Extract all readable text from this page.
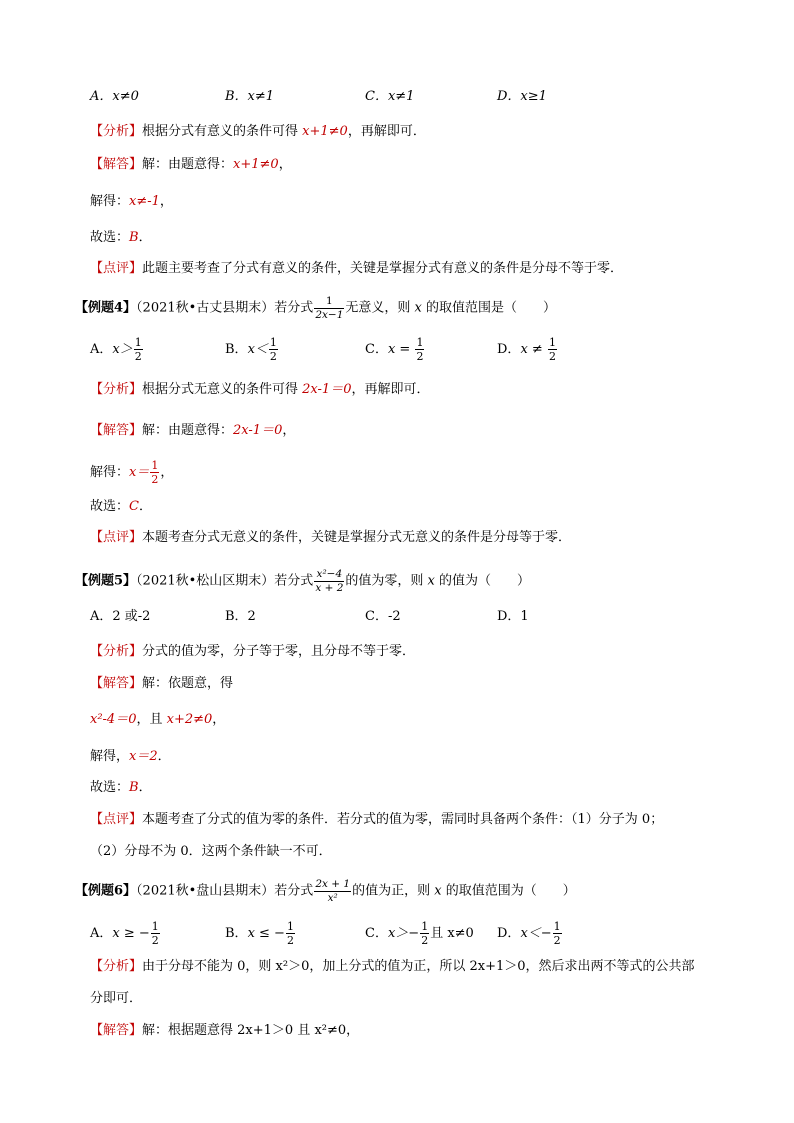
A．x≠0	B．x≠1	C．x≠1	D．x≥1
【分析】根据分式有意义的条件可得 x+1≠0，再解即可．
【解答】解：由题意得：x+1≠0，
解得：x≠-1，
故选：B．
【点评】此题主要考查了分式有意义的条件，关键是掌握分式有意义的条件是分母不等于零．
【例题4】（2021秋•古丈县期末）若分式 $\frac{1}{2x-1}$ 无意义，则 x 的取值范围是（　　）
A．$x> \frac{1}{2}$	B．$x< \frac{1}{2}$	C．$x = \frac{1}{2}$	D．$x \ne \frac{1}{2}$
【分析】根据分式无意义的条件可得 2x-1＝0，再解即可．
【解答】解：由题意得：2x-1＝0，
解得：$x= \frac{1}{2}$ ，
故选：C．
【点评】本题考查分式无意义的条件，关键是掌握分式无意义的条件是分母等于零．
【例题5】（2021秋•松山区期末）若分式 $\frac{\text{x²−4}}{x + 2}$ 的值为零，则 x 的值为（　　）
A．2 或-2	B．2	C．-2	D．1
【分析】分式的值为零，分子等于零，且分母不等于零．
【解答】解：依题意，得
x²-4＝0，且 x+2≠0，
解得，x＝2．
故选：B．
【点评】本题考查了分式的值为零的条件．若分式的值为零，需同时具备两个条件：（1）分子为 0；
（2）分母不为 0．这两个条件缺一不可．
【例题6】（2021秋•盘山县期末）若分式 $\frac{2x + 1}{\text{x²}}$ 的值为正，则 x 的取值范围为（　　）
A．x ≥ − $\frac{1}{2}$	B．x ≤ − $\frac{1}{2}$	C．$x>- \frac{1}{2}$ 且 x≠0 D．$x<- \frac{1}{2}$
【分析】由于分母不能为 0，则 x²＞0，加上分式的值为正，所以 2x+1＞0，然后求出两不等式的公共部
分即可．
【解答】解：根据题意得 2x+1＞0 且 x²≠0，
